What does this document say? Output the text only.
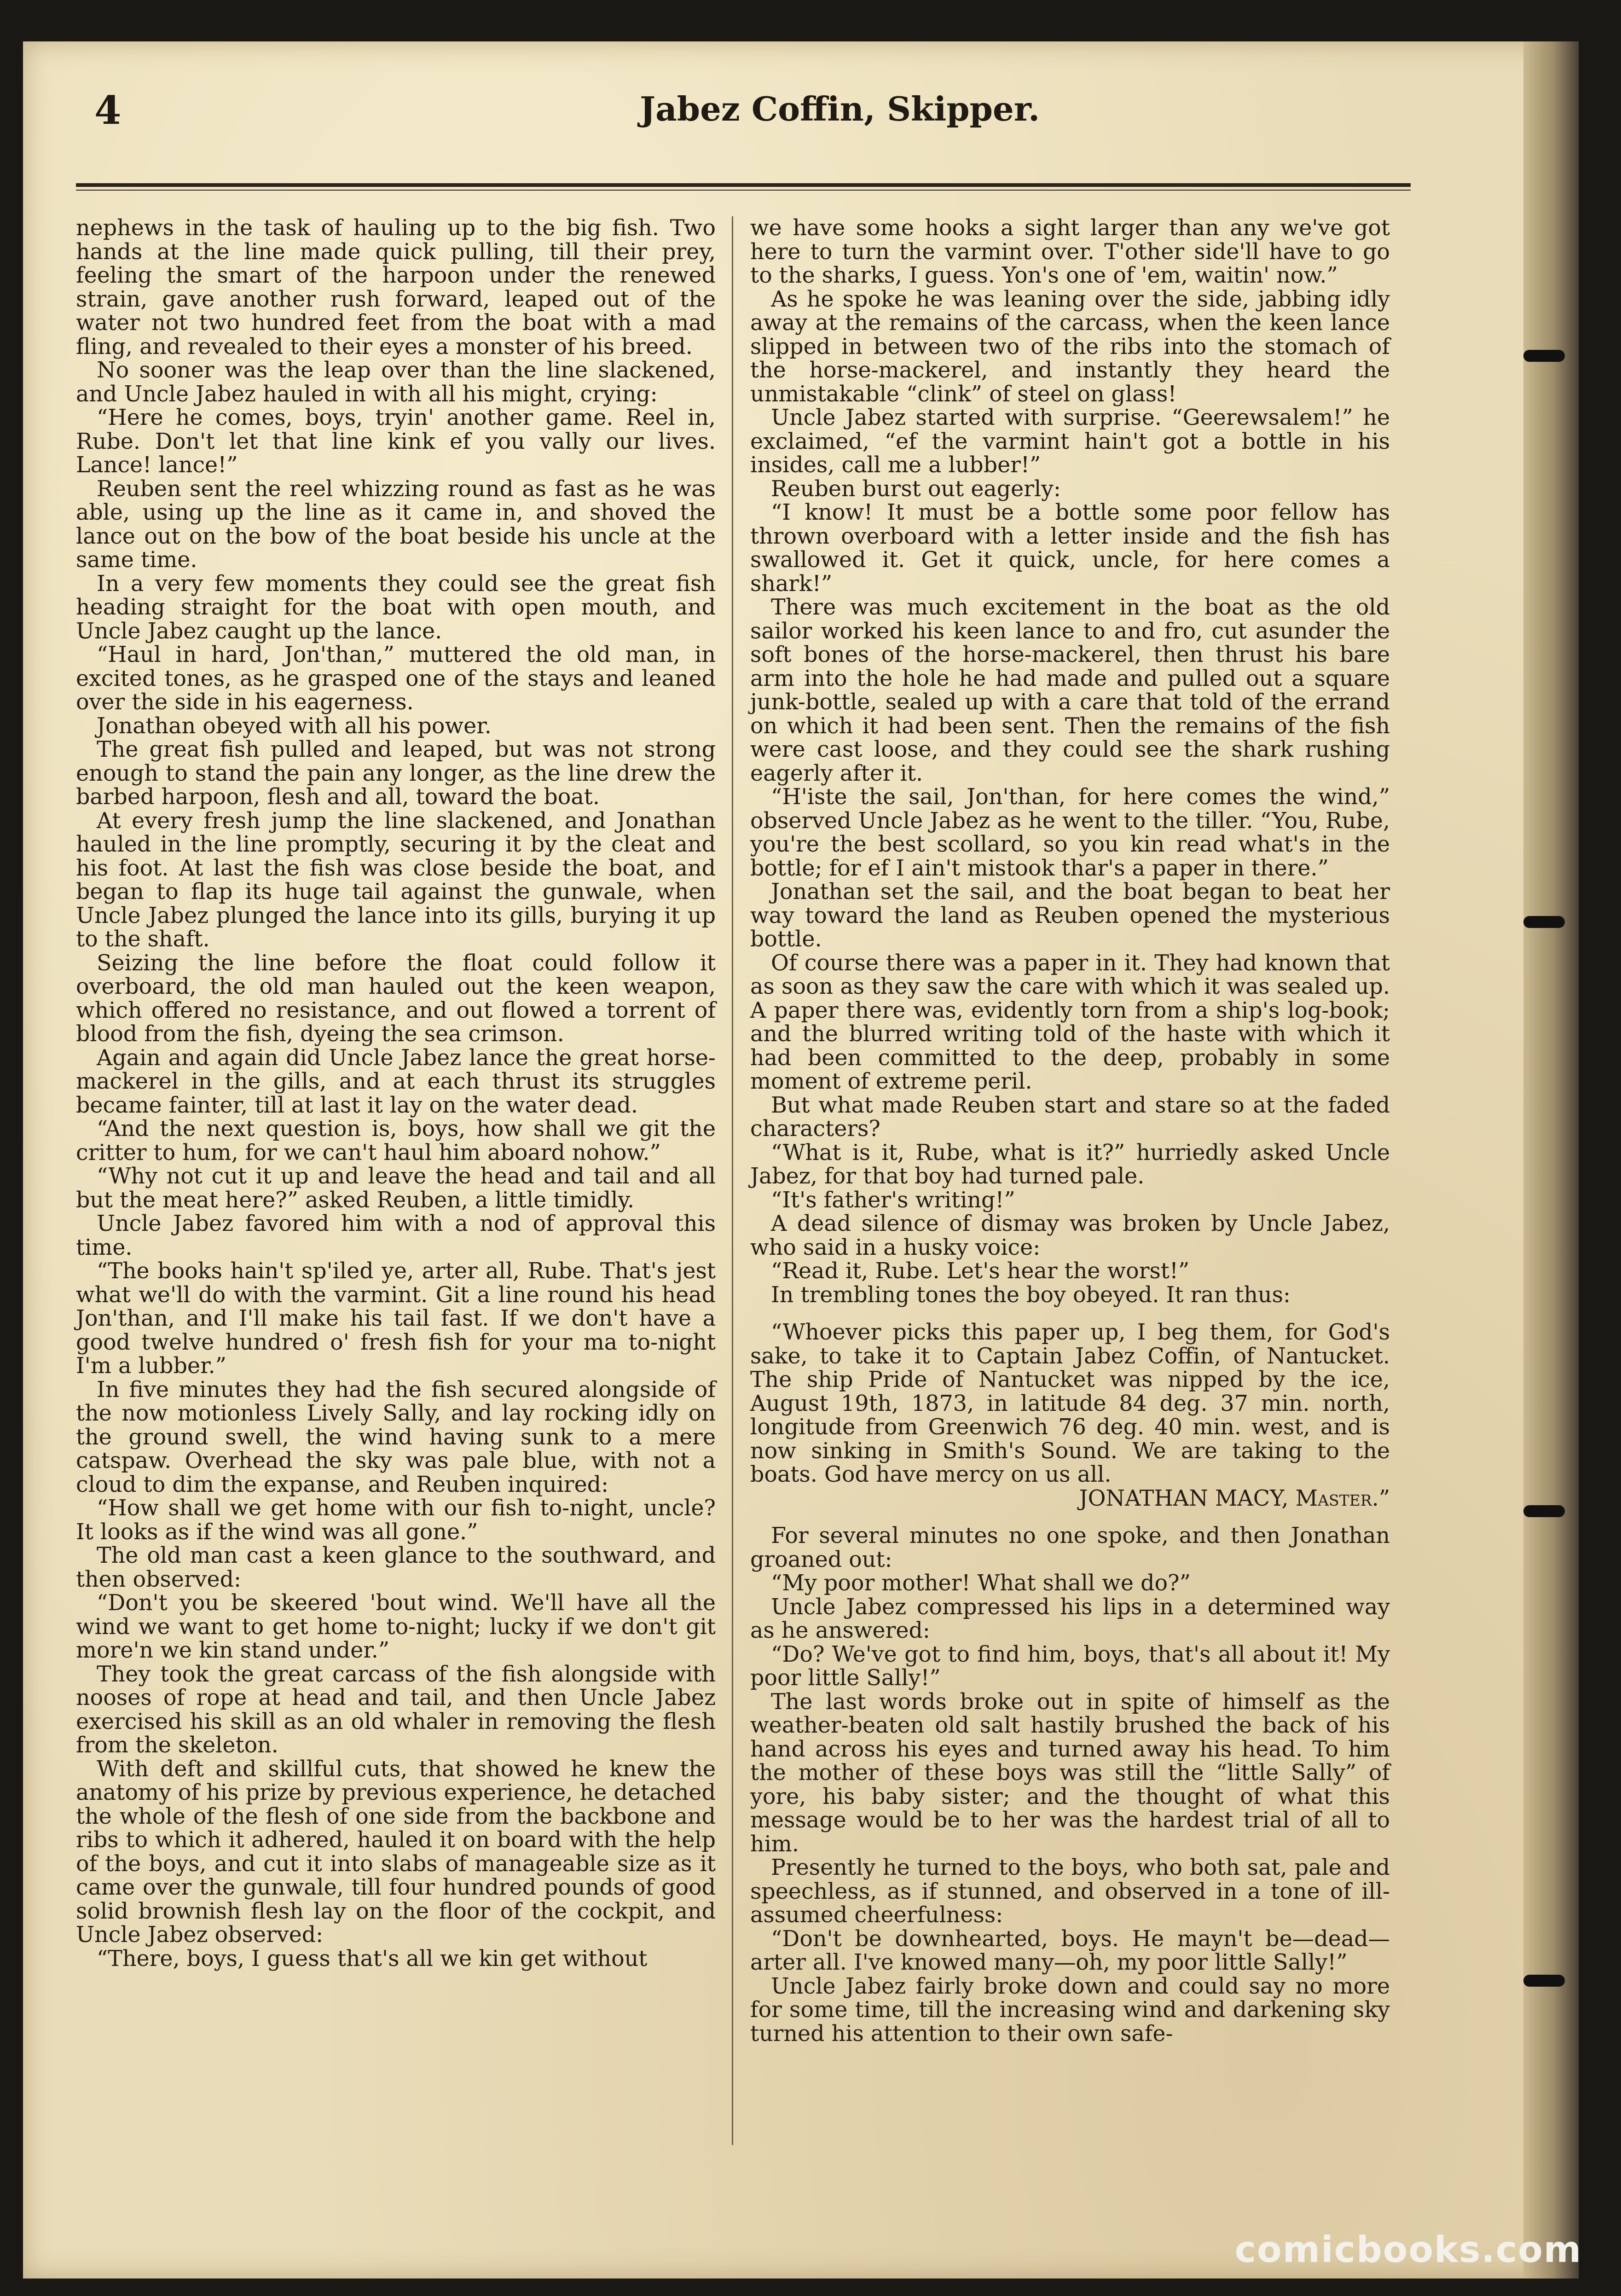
4	Jabez Coffin, Skipper.

nephews in the task of hauling up to the big fish. Two hands at the line made quick pulling, till their prey, feeling the smart of the harpoon under the renewed strain, gave another rush forward, leaped out of the water not two hundred feet from the boat with a mad fling, and revealed to their eyes a monster of his breed.

No sooner was the leap over than the line slackened, and Uncle Jabez hauled in with all his might, crying:

“Here he comes, boys, tryin' another game. Reel in, Rube. Don't let that line kink ef you vally our lives. Lance! lance!”

Reuben sent the reel whizzing round as fast as he was able, using up the line as it came in, and shoved the lance out on the bow of the boat beside his uncle at the same time.

In a very few moments they could see the great fish heading straight for the boat with open mouth, and Uncle Jabez caught up the lance.

“Haul in hard, Jon'than,” muttered the old man, in excited tones, as he grasped one of the stays and leaned over the side in his eagerness.

Jonathan obeyed with all his power.

The great fish pulled and leaped, but was not strong enough to stand the pain any longer, as the line drew the barbed harpoon, flesh and all, toward the boat.

At every fresh jump the line slackened, and Jonathan hauled in the line promptly, securing it by the cleat and his foot. At last the fish was close beside the boat, and began to flap its huge tail against the gunwale, when Uncle Jabez plunged the lance into its gills, burying it up to the shaft.

Seizing the line before the float could follow it overboard, the old man hauled out the keen weapon, which offered no resistance, and out flowed a torrent of blood from the fish, dyeing the sea crimson.

Again and again did Uncle Jabez lance the great horse-mackerel in the gills, and at each thrust its struggles became fainter, till at last it lay on the water dead.

“And the next question is, boys, how shall we git the critter to hum, for we can't haul him aboard nohow.”

“Why not cut it up and leave the head and tail and all but the meat here?” asked Reuben, a little timidly.

Uncle Jabez favored him with a nod of approval this time.

“The books hain't sp'iled ye, arter all, Rube. That's jest what we'll do with the varmint. Git a line round his head Jon'than, and I'll make his tail fast. If we don't have a good twelve hundred o' fresh fish for your ma to-night I'm a lubber.”

In five minutes they had the fish secured alongside of the now motionless Lively Sally, and lay rocking idly on the ground swell, the wind having sunk to a mere catspaw. Overhead the sky was pale blue, with not a cloud to dim the expanse, and Reuben inquired:

“How shall we get home with our fish to-night, uncle? It looks as if the wind was all gone.”

The old man cast a keen glance to the southward, and then observed:

“Don't you be skeered 'bout wind. We'll have all the wind we want to get home to-night; lucky if we don't git more'n we kin stand under.”

They took the great carcass of the fish alongside with nooses of rope at head and tail, and then Uncle Jabez exercised his skill as an old whaler in removing the flesh from the skeleton.

With deft and skillful cuts, that showed he knew the anatomy of his prize by previous experience, he detached the whole of the flesh of one side from the backbone and ribs to which it adhered, hauled it on board with the help of the boys, and cut it into slabs of manageable size as it came over the gunwale, till four hundred pounds of good solid brownish flesh lay on the floor of the cockpit, and Uncle Jabez observed:

“There, boys, I guess that's all we kin get without

we have some hooks a sight larger than any we've got here to turn the varmint over. T'other side'll have to go to the sharks, I guess. Yon's one of 'em, waitin' now.”

As he spoke he was leaning over the side, jabbing idly away at the remains of the carcass, when the keen lance slipped in between two of the ribs into the stomach of the horse-mackerel, and instantly they heard the unmistakable “clink” of steel on glass!

Uncle Jabez started with surprise. “Geerewsalem!” he exclaimed, “ef the varmint hain't got a bottle in his insides, call me a lubber!”

Reuben burst out eagerly:

“I know! It must be a bottle some poor fellow has thrown overboard with a letter inside and the fish has swallowed it. Get it quick, uncle, for here comes a shark!”

There was much excitement in the boat as the old sailor worked his keen lance to and fro, cut asunder the soft bones of the horse-mackerel, then thrust his bare arm into the hole he had made and pulled out a square junk-bottle, sealed up with a care that told of the errand on which it had been sent. Then the remains of the fish were cast loose, and they could see the shark rushing eagerly after it.

“H'iste the sail, Jon'than, for here comes the wind,” observed Uncle Jabez as he went to the tiller. “You, Rube, you're the best scollard, so you kin read what's in the bottle; for ef I ain't mistook thar's a paper in there.”

Jonathan set the sail, and the boat began to beat her way toward the land as Reuben opened the mysterious bottle.

Of course there was a paper in it. They had known that as soon as they saw the care with which it was sealed up. A paper there was, evidently torn from a ship's log-book; and the blurred writing told of the haste with which it had been committed to the deep, probably in some moment of extreme peril.

But what made Reuben start and stare so at the faded characters?

“What is it, Rube, what is it?” hurriedly asked Uncle Jabez, for that boy had turned pale.

“It's father's writing!”

A dead silence of dismay was broken by Uncle Jabez, who said in a husky voice:

“Read it, Rube. Let's hear the worst!”

In trembling tones the boy obeyed. It ran thus:

“Whoever picks this paper up, I beg them, for God's sake, to take it to Captain Jabez Coffin, of Nantucket. The ship Pride of Nantucket was nipped by the ice, August 19th, 1873, in latitude 84 deg. 37 min. north, longitude from Greenwich 76 deg. 40 min. west, and is now sinking in Smith's Sound. We are taking to the boats. God have mercy on us all.

JONATHAN MACY, Master.”

For several minutes no one spoke, and then Jonathan groaned out:

“My poor mother! What shall we do?”

Uncle Jabez compressed his lips in a determined way as he answered:

“Do? We've got to find him, boys, that's all about it! My poor little Sally!”

The last words broke out in spite of himself as the weather-beaten old salt hastily brushed the back of his hand across his eyes and turned away his head. To him the mother of these boys was still the “little Sally” of yore, his baby sister; and the thought of what this message would be to her was the hardest trial of all to him.

Presently he turned to the boys, who both sat, pale and speechless, as if stunned, and observed in a tone of ill-assumed cheerfulness:

“Don't be downhearted, boys. He mayn't be—dead—arter all. I've knowed many—oh, my poor little Sally!”

Uncle Jabez fairly broke down and could say no more for some time, till the increasing wind and darkening sky turned his attention to their own safe-

comicbooks.com
